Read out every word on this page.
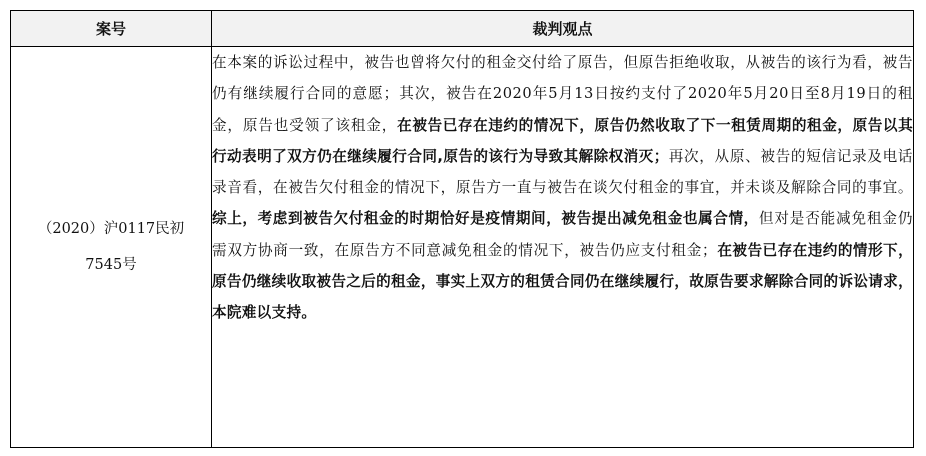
案号	裁判观点
（2020）沪0117民初
7545号	在本案的诉讼过程中，被告也曾将欠付的租金交付给了原告，但原告拒绝收取，从被告的该行为看，被告仍有继续履行合同的意愿；其次，被告在2020年5月13日按约支付了2020年5月20日至8月19日的租金，原告也受领了该租金，在被告已存在违约的情况下，原告仍然收取了下一租赁周期的租金，原告以其行动表明了双方仍在继续履行合同,原告的该行为导致其解除权消灭；再次，从原、被告的短信记录及电话录音看，在被告欠付租金的情况下，原告方一直与被告在谈欠付租金的事宜，并未谈及解除合同的事宜。综上，考虑到被告欠付租金的时期恰好是疫情期间，被告提出减免租金也属合情，但对是否能减免租金仍需双方协商一致，在原告方不同意减免租金的情况下，被告仍应支付租金；在被告已存在违约的情形下，原告仍继续收取被告之后的租金，事实上双方的租赁合同仍在继续履行，故原告要求解除合同的诉讼请求，本院难以支持。
